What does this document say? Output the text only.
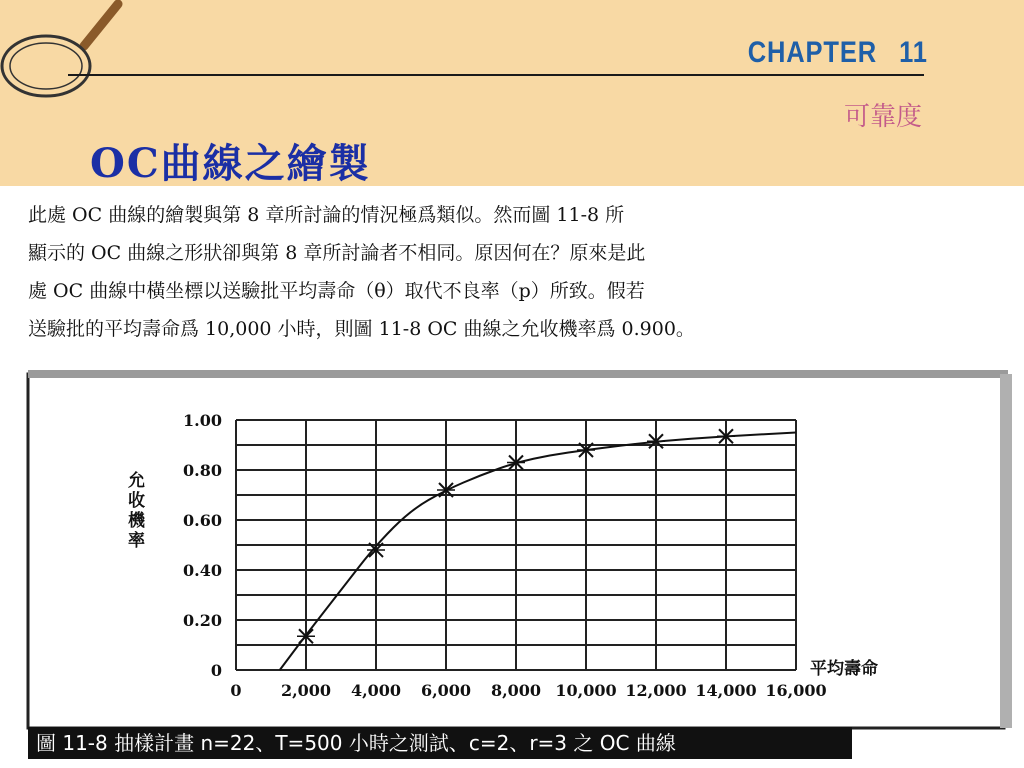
CHAPTER 11
可靠度
OC曲線之繪製

此處 OC 曲線的繪製與第 8 章所討論的情況極爲類似。然而圖 11-8 所

顯示的 OC 曲線之形狀卻與第 8 章所討論者不相同。原因何在？原來是此

處 OC 曲線中橫坐標以送驗批平均壽命（θ）取代不良率（p）所致。假若

送驗批的平均壽命爲 10,000 小時，則圖 11-8 OC 曲線之允收機率爲 0.900。

0 2,000 4,000 6,000 8,000 10,000 12,000 14,000 16,000
0
0.20
0.40
0.60
0.80
1.00
允收機率
平均壽命
圖 11-8 抽樣計畫 n=22、T=500 小時之測試、c=2、r=3 之 OC 曲線
